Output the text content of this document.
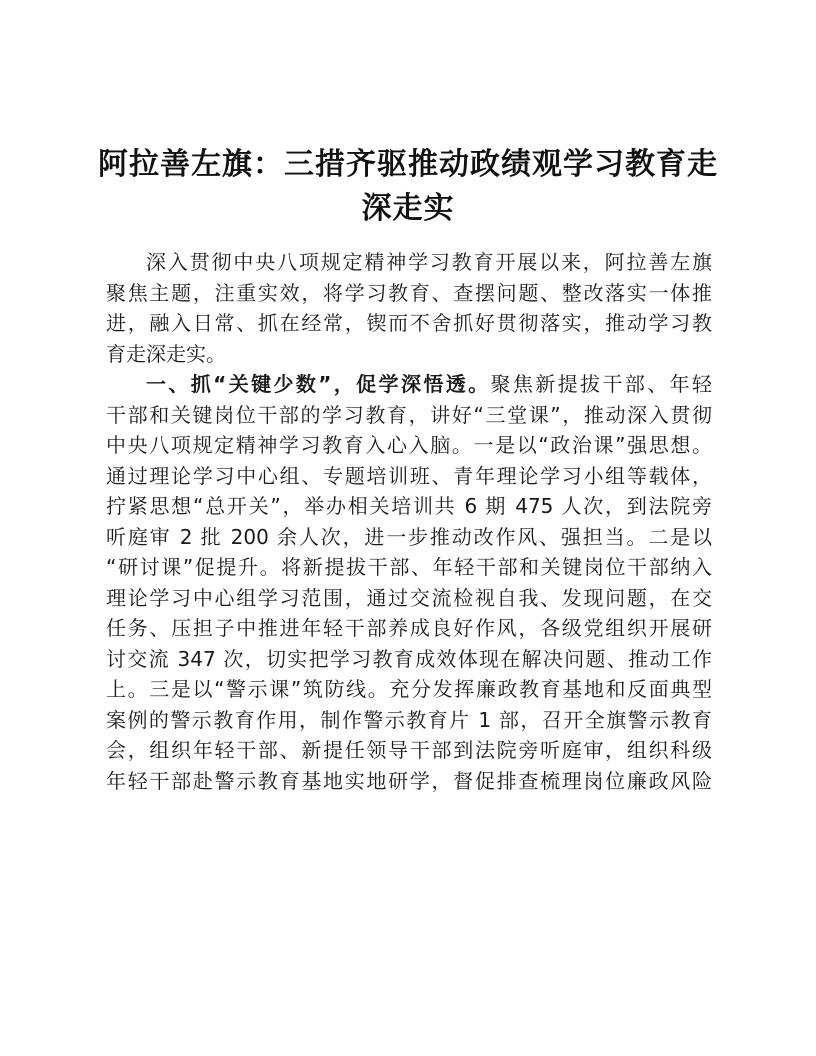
阿拉善左旗：三措齐驱推动政绩观学习教育走
深走实
深入贯彻中央八项规定精神学习教育开展以来，阿拉善左旗
聚焦主题，注重实效，将学习教育、查摆问题、整改落实一体推
进，融入日常、抓在经常，锲而不舍抓好贯彻落实，推动学习教
育走深走实。
一、抓“关键少数”，促学深悟透。聚焦新提拔干部、年轻
干部和关键岗位干部的学习教育，讲好“三堂课”，推动深入贯彻
中央八项规定精神学习教育入心入脑。一是以“政治课”强思想。
通过理论学习中心组、专题培训班、青年理论学习小组等载体，
拧紧思想“总开关”，举办相关培训共 6 期 475 人次，到法院旁
听庭审 2 批 200 余人次，进一步推动改作风、强担当。二是以
“研讨课”促提升。将新提拔干部、年轻干部和关键岗位干部纳入
理论学习中心组学习范围，通过交流检视自我、发现问题，在交
任务、压担子中推进年轻干部养成良好作风，各级党组织开展研
讨交流 347 次，切实把学习教育成效体现在解决问题、推动工作
上。三是以“警示课”筑防线。充分发挥廉政教育基地和反面典型
案例的警示教育作用，制作警示教育片 1 部，召开全旗警示教育
会，组织年轻干部、新提任领导干部到法院旁听庭审，组织科级
年轻干部赴警示教育基地实地研学，督促排查梳理岗位廉政风险
